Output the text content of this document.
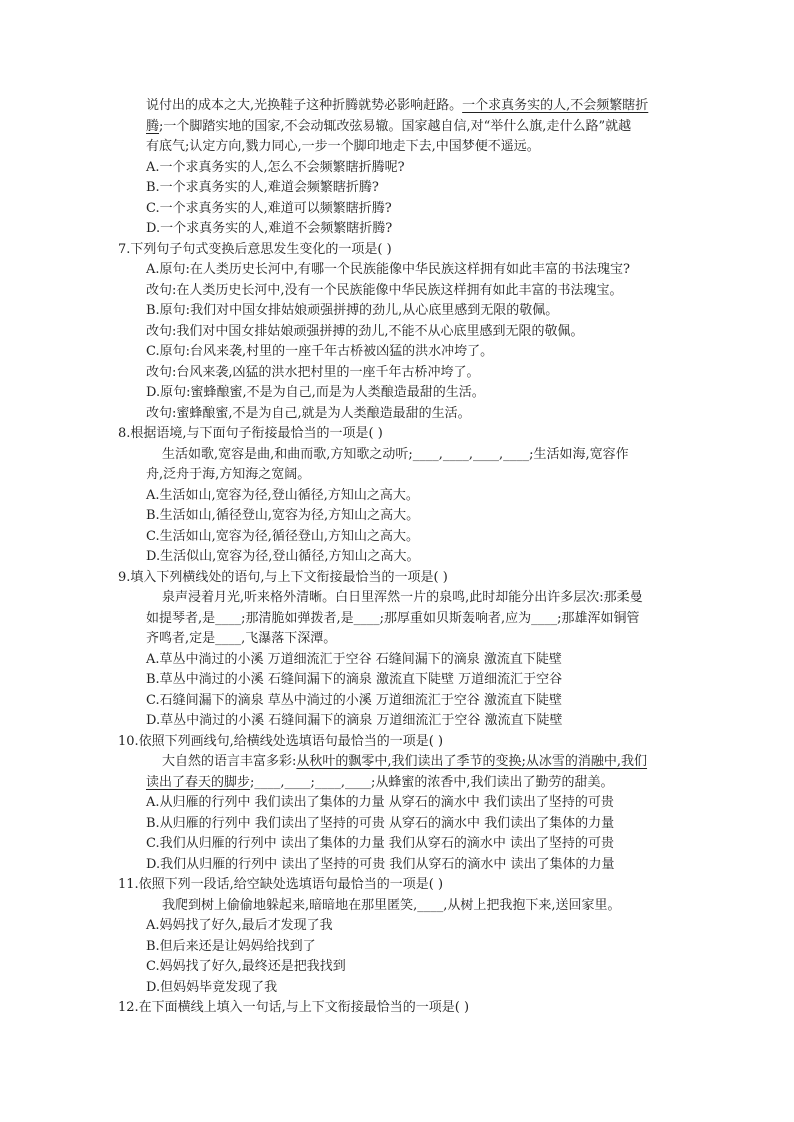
说付出的成本之大,光换鞋子这种折腾就势必影响赶路。一个求真务实的人,不会频繁瞎折
腾;一个脚踏实地的国家,不会动辄改弦易辙。国家越自信,对“举什么旗,走什么路”就越
有底气;认定方向,戮力同心,一步一个脚印地走下去,中国梦便不遥远。
A.一个求真务实的人,怎么不会频繁瞎折腾呢?
B.一个求真务实的人,难道会频繁瞎折腾?
C.一个求真务实的人,难道可以频繁瞎折腾?
D.一个求真务实的人,难道不会频繁瞎折腾?
7.下列句子句式变换后意思发生变化的一项是( )
A.原句:在人类历史长河中,有哪一个民族能像中华民族这样拥有如此丰富的书法瑰宝?
改句:在人类历史长河中,没有一个民族能像中华民族这样拥有如此丰富的书法瑰宝。
B.原句:我们对中国女排姑娘顽强拼搏的劲儿,从心底里感到无限的敬佩。
改句:我们对中国女排姑娘顽强拼搏的劲儿,不能不从心底里感到无限的敬佩。
C.原句:台风来袭,村里的一座千年古桥被凶猛的洪水冲垮了。
改句:台风来袭,凶猛的洪水把村里的一座千年古桥冲垮了。
D.原句:蜜蜂酿蜜,不是为自己,而是为人类酿造最甜的生活。
改句:蜜蜂酿蜜,不是为自己,就是为人类酿造最甜的生活。
8.根据语境,与下面句子衔接最恰当的一项是( )
生活如歌,宽容是曲,和曲而歌,方知歌之动听;____,____,____,____;生活如海,宽容作
舟,泛舟于海,方知海之宽阔。
A.生活如山,宽容为径,登山循径,方知山之高大。
B.生活如山,循径登山,宽容为径,方知山之高大。
C.生活如山,宽容为径,循径登山,方知山之高大。
D.生活似山,宽容为径,登山循径,方知山之高大。
9.填入下列横线处的语句,与上下文衔接最恰当的一项是( )
泉声浸着月光,听来格外清晰。白日里浑然一片的泉鸣,此时却能分出许多层次:那柔曼
如提琴者,是____;那清脆如弹拨者,是____;那厚重如贝斯轰响者,应为____;那雄浑如铜管
齐鸣者,定是____,飞瀑落下深潭。
A.草丛中淌过的小溪 万道细流汇于空谷 石缝间漏下的滴泉 激流直下陡壁
B.草丛中淌过的小溪 石缝间漏下的滴泉 激流直下陡壁 万道细流汇于空谷
C.石缝间漏下的滴泉 草丛中淌过的小溪 万道细流汇于空谷 激流直下陡壁
D.草丛中淌过的小溪 石缝间漏下的滴泉 万道细流汇于空谷 激流直下陡壁
10.依照下列画线句,给横线处选填语句最恰当的一项是( )
大自然的语言丰富多彩:从秋叶的飘零中,我们读出了季节的变换;从冰雪的消融中,我们
读出了春天的脚步;____,____;____,____;从蜂蜜的浓香中,我们读出了勤劳的甜美。
A.从归雁的行列中 我们读出了集体的力量 从穿石的滴水中 我们读出了坚持的可贵
B.从归雁的行列中 我们读出了坚持的可贵 从穿石的滴水中 我们读出了集体的力量
C.我们从归雁的行列中 读出了集体的力量 我们从穿石的滴水中 读出了坚持的可贵
D.我们从归雁的行列中 读出了坚持的可贵 我们从穿石的滴水中 读出了集体的力量
11.依照下列一段话,给空缺处选填语句最恰当的一项是( )
我爬到树上偷偷地躲起来,暗暗地在那里匿笑,____,从树上把我抱下来,送回家里。
A.妈妈找了好久,最后才发现了我
B.但后来还是让妈妈给找到了
C.妈妈找了好久,最终还是把我找到
D.但妈妈毕竟发现了我
12.在下面横线上填入一句话,与上下文衔接最恰当的一项是( )
